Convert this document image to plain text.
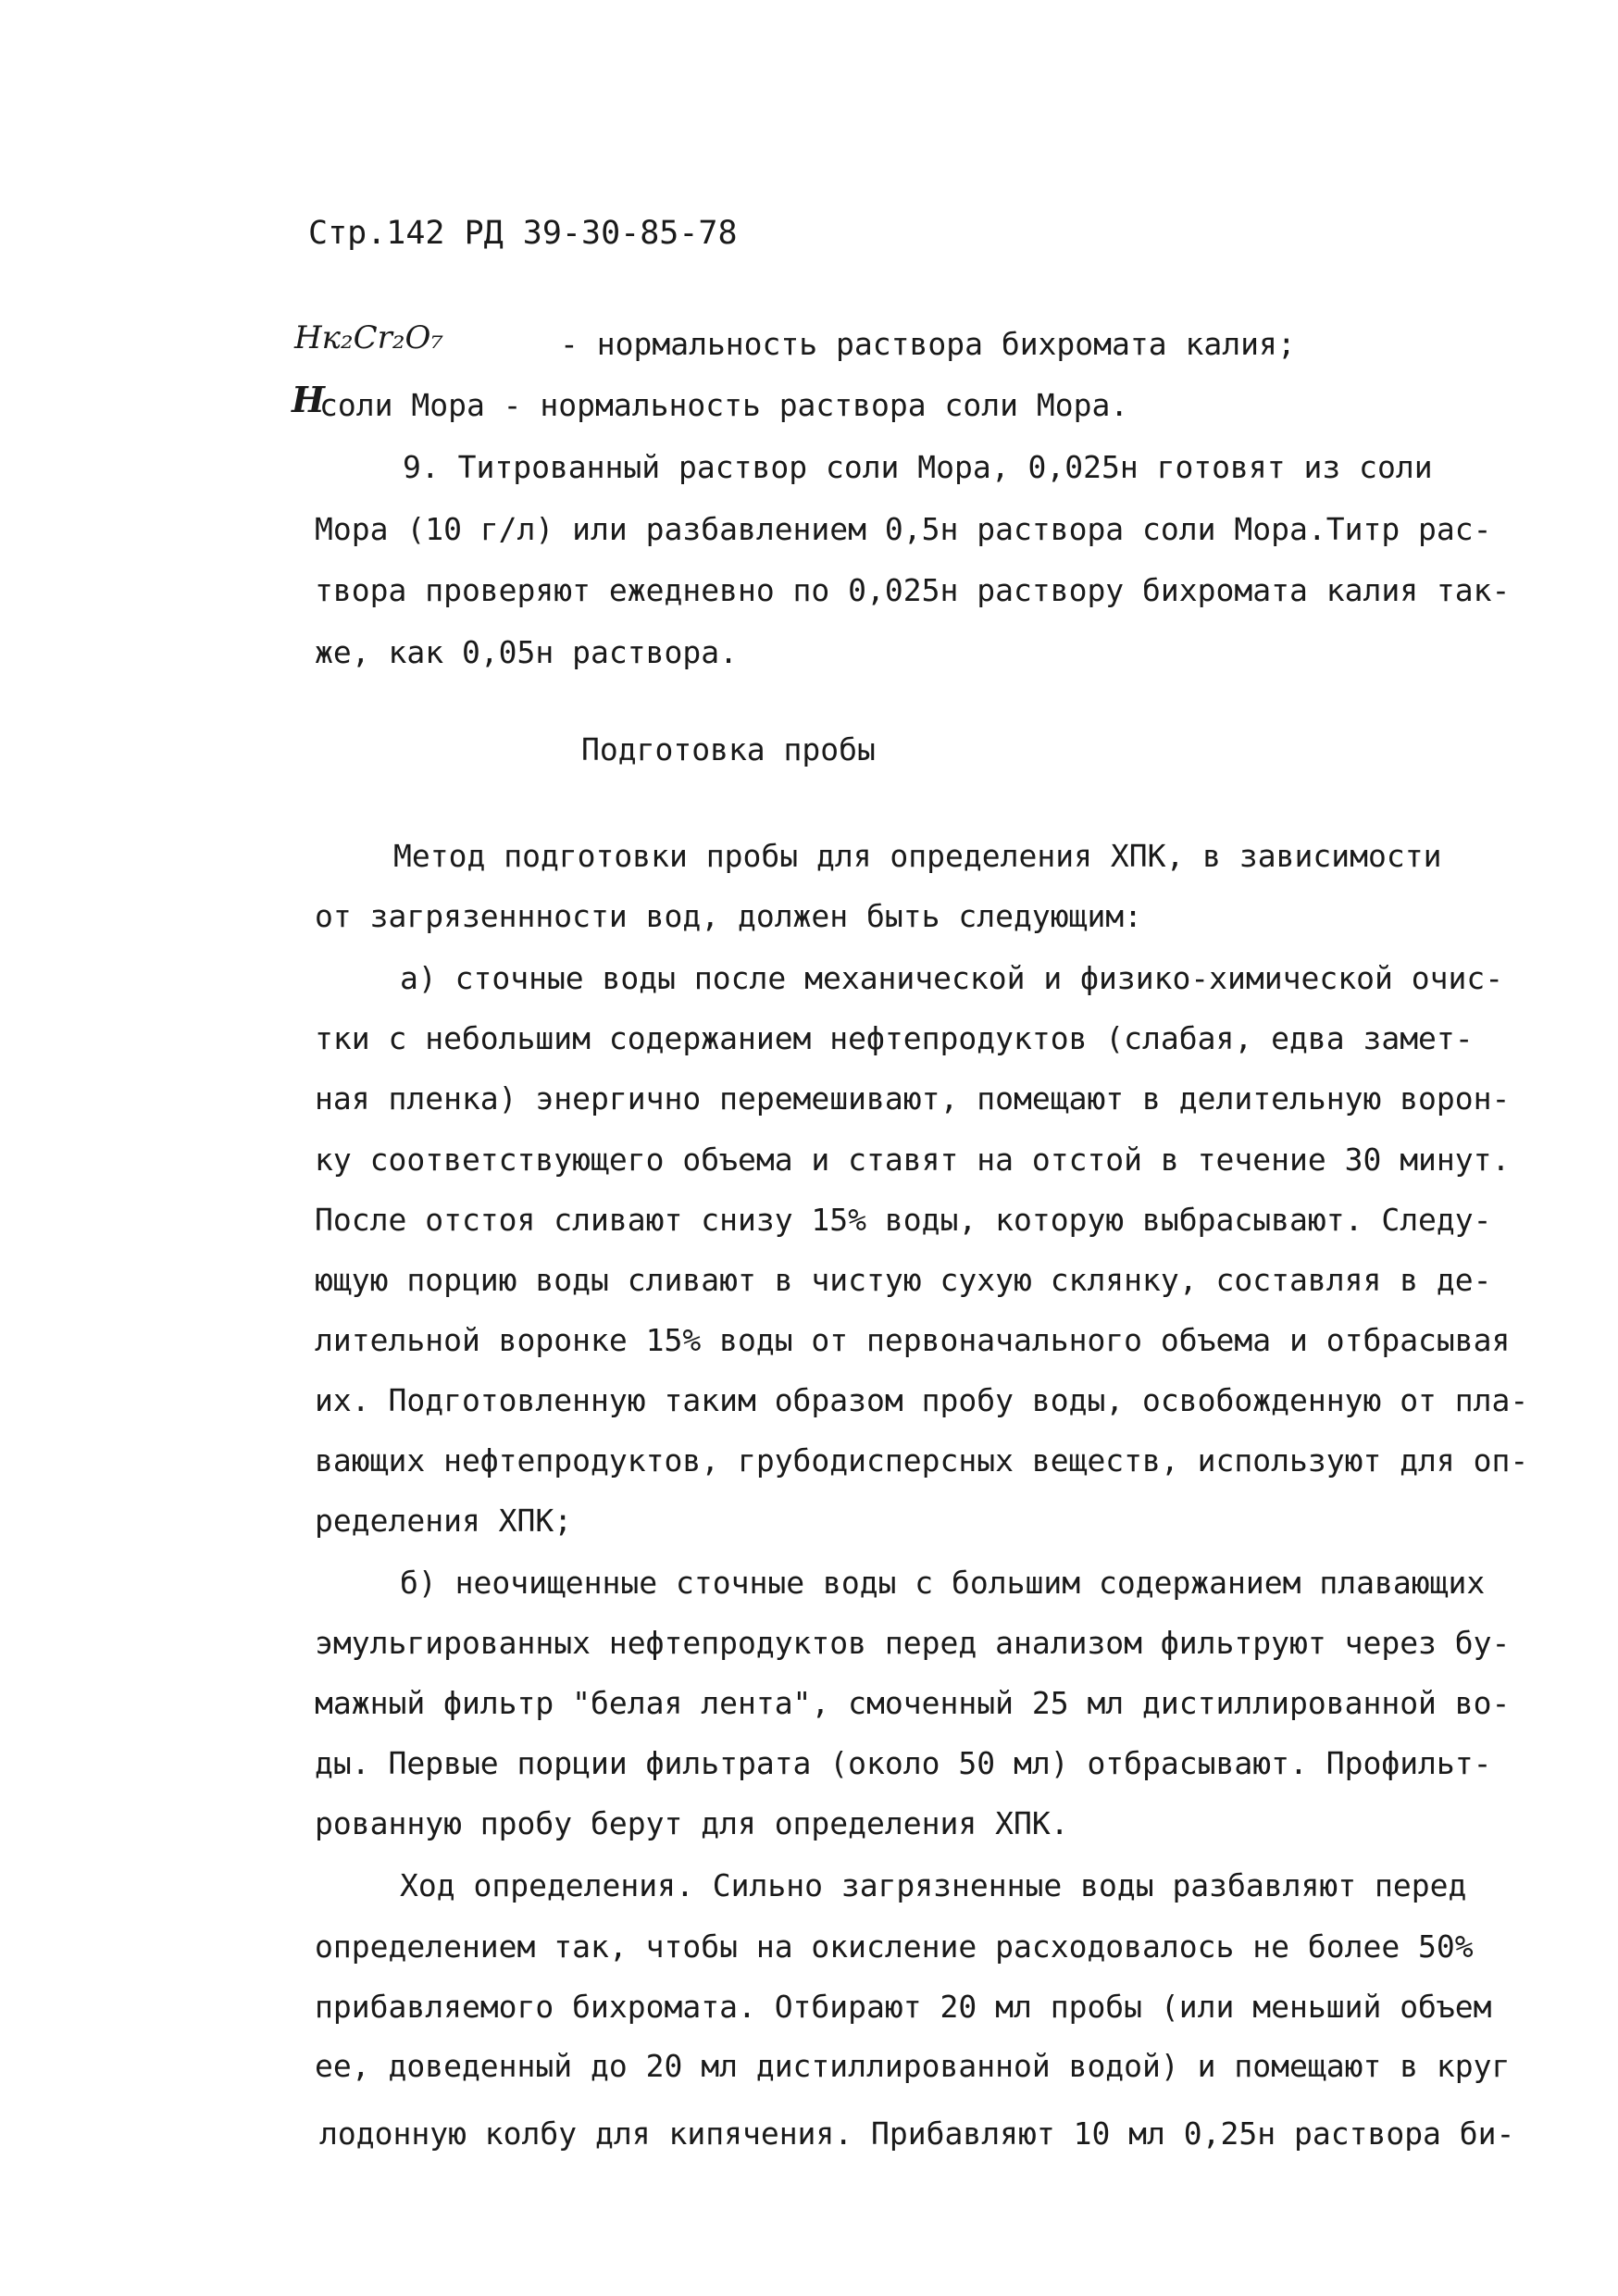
Стр.142 РД 39-30-85-78
Нк₂Cr₂O₇	- нормальность раствора бихромата калия;
Н
соли Мора - нормальность раствора соли Мора.
9. Титрованный раствор соли Мора, 0,025н готовят из соли
Мора (10 г/л) или разбавлением 0,5н раствора соли Мора.Титр рас-
твора проверяют ежедневно по 0,025н раствору бихромата калия так-
же, как 0,05н раствора.
Подготовка пробы
Метод подготовки пробы для определения ХПК, в зависимости
от загрязеннности вод, должен быть следующим:
а) сточные воды после механической и физико-химической очис-
тки с небольшим содержанием нефтепродуктов (слабая, едва замет-
ная пленка) энергично перемешивают, помещают в делительную ворон-
ку соответствующего объема и ставят на отстой в течение 30 минут.
После отстоя сливают снизу 15% воды, которую выбрасывают. Следу-
ющую порцию воды сливают в чистую сухую склянку, составляя в де-
лительной воронке 15% воды от первоначального объема и отбрасывая
их. Подготовленную таким образом пробу воды, освобожденную от пла-
вающих нефтепродуктов, грубодисперсных веществ, используют для оп-
ределения ХПК;
б) неочищенные сточные воды с большим содержанием плавающих
эмульгированных нефтепродуктов перед анализом фильтруют через бу-
мажный фильтр "белая лента", смоченный 25 мл дистиллированной во-
ды. Первые порции фильтрата (около 50 мл) отбрасывают. Профильт-
рованную пробу берут для определения ХПК.
Ход определения. Сильно загрязненные воды разбавляют перед
определением так, чтобы на окисление расходовалось не более 50%
прибавляемого бихромата. Отбирают 20 мл пробы (или меньший объем
ее, доведенный до 20 мл дистиллированной водой) и помещают в круг
лодонную колбу для кипячения. Прибавляют 10 мл 0,25н раствора би-
